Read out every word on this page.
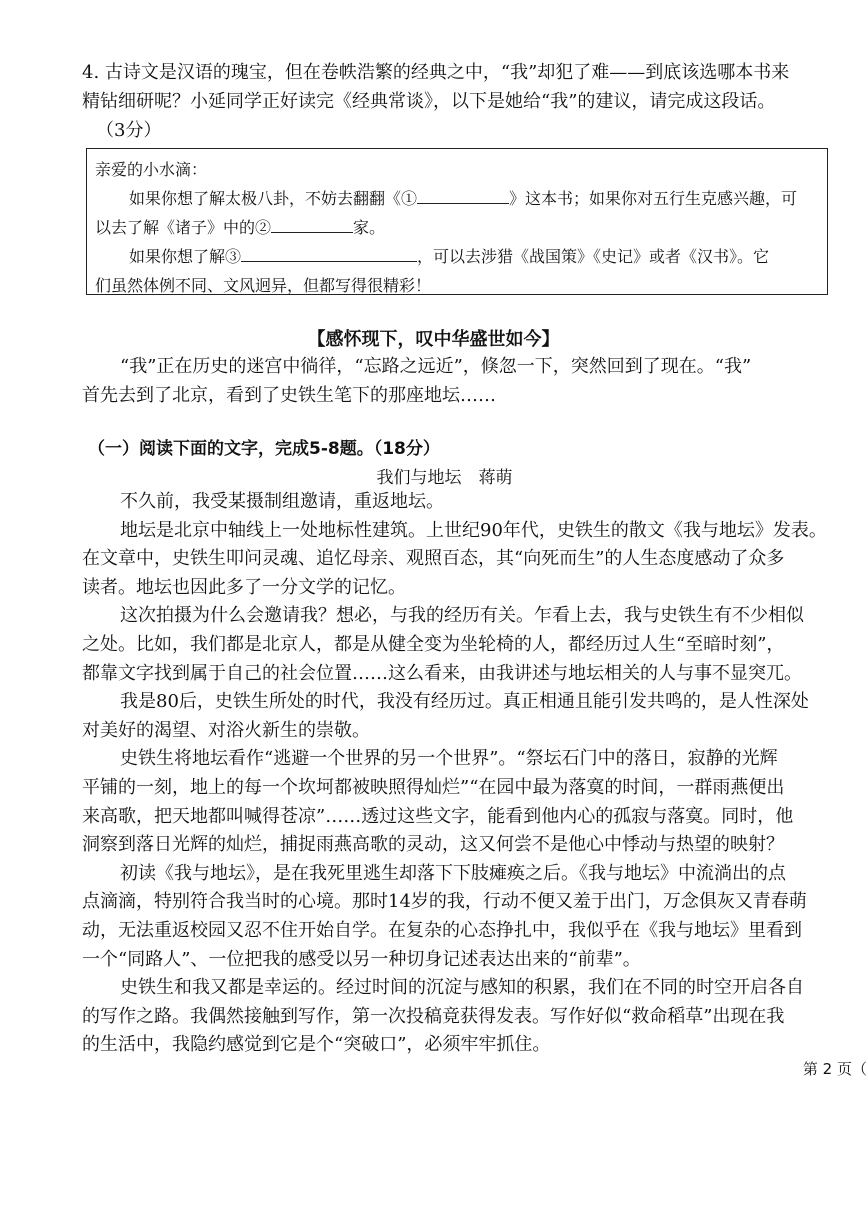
4. 古诗文是汉语的瑰宝，但在卷帙浩繁的经典之中，“我”却犯了难——到底该选哪本书来
精钻细研呢？小延同学正好读完《经典常谈》，以下是她给“我”的建议，请完成这段话。
（3分）
亲爱的小水滴：
如果你想了解太极八卦，不妨去翻翻《①	》这本书；如果你对五行生克感兴趣，可
以去了解《诸子》中的②	家。
如果你想了解③	，可以去涉猎《战国策》《史记》或者《汉书》。它
们虽然体例不同、文风迥异，但都写得很精彩！
【感怀现下，叹中华盛世如今】
“我”正在历史的迷宫中徜徉，“忘路之远近”，倏忽一下，突然回到了现在。“我”
首先去到了北京，看到了史铁生笔下的那座地坛……
（一）阅读下面的文字，完成5-8题。（18分）
我们与地坛　蒋萌
不久前，我受某摄制组邀请，重返地坛。
地坛是北京中轴线上一处地标性建筑。上世纪90年代，史铁生的散文《我与地坛》发表。
在文章中，史铁生叩问灵魂、追忆母亲、观照百态，其“向死而生”的人生态度感动了众多
读者。地坛也因此多了一分文学的记忆。
这次拍摄为什么会邀请我？想必，与我的经历有关。乍看上去，我与史铁生有不少相似
之处。比如，我们都是北京人，都是从健全变为坐轮椅的人，都经历过人生“至暗时刻”，
都靠文字找到属于自己的社会位置……这么看来，由我讲述与地坛相关的人与事不显突兀。
我是80后，史铁生所处的时代，我没有经历过。真正相通且能引发共鸣的，是人性深处
对美好的渴望、对浴火新生的崇敬。
史铁生将地坛看作“逃避一个世界的另一个世界”。“祭坛石门中的落日，寂静的光辉
平铺的一刻，地上的每一个坎坷都被映照得灿烂”“在园中最为落寞的时间，一群雨燕便出
来高歌，把天地都叫喊得苍凉”……透过这些文字，能看到他内心的孤寂与落寞。同时，他
洞察到落日光辉的灿烂，捕捉雨燕高歌的灵动，这又何尝不是他心中悸动与热望的映射？
初读《我与地坛》，是在我死里逃生却落下下肢瘫痪之后。《我与地坛》中流淌出的点
点滴滴，特别符合我当时的心境。那时14岁的我，行动不便又羞于出门，万念俱灰又青春萌
动，无法重返校园又忍不住开始自学。在复杂的心态挣扎中，我似乎在《我与地坛》里看到
一个“同路人”、一位把我的感受以另一种切身记述表达出来的“前辈”。
史铁生和我又都是幸运的。经过时间的沉淀与感知的积累，我们在不同的时空开启各自
的写作之路。我偶然接触到写作，第一次投稿竟获得发表。写作好似“救命稻草”出现在我
的生活中，我隐约感觉到它是个“突破口”，必须牢牢抓住。
第 2 页（
